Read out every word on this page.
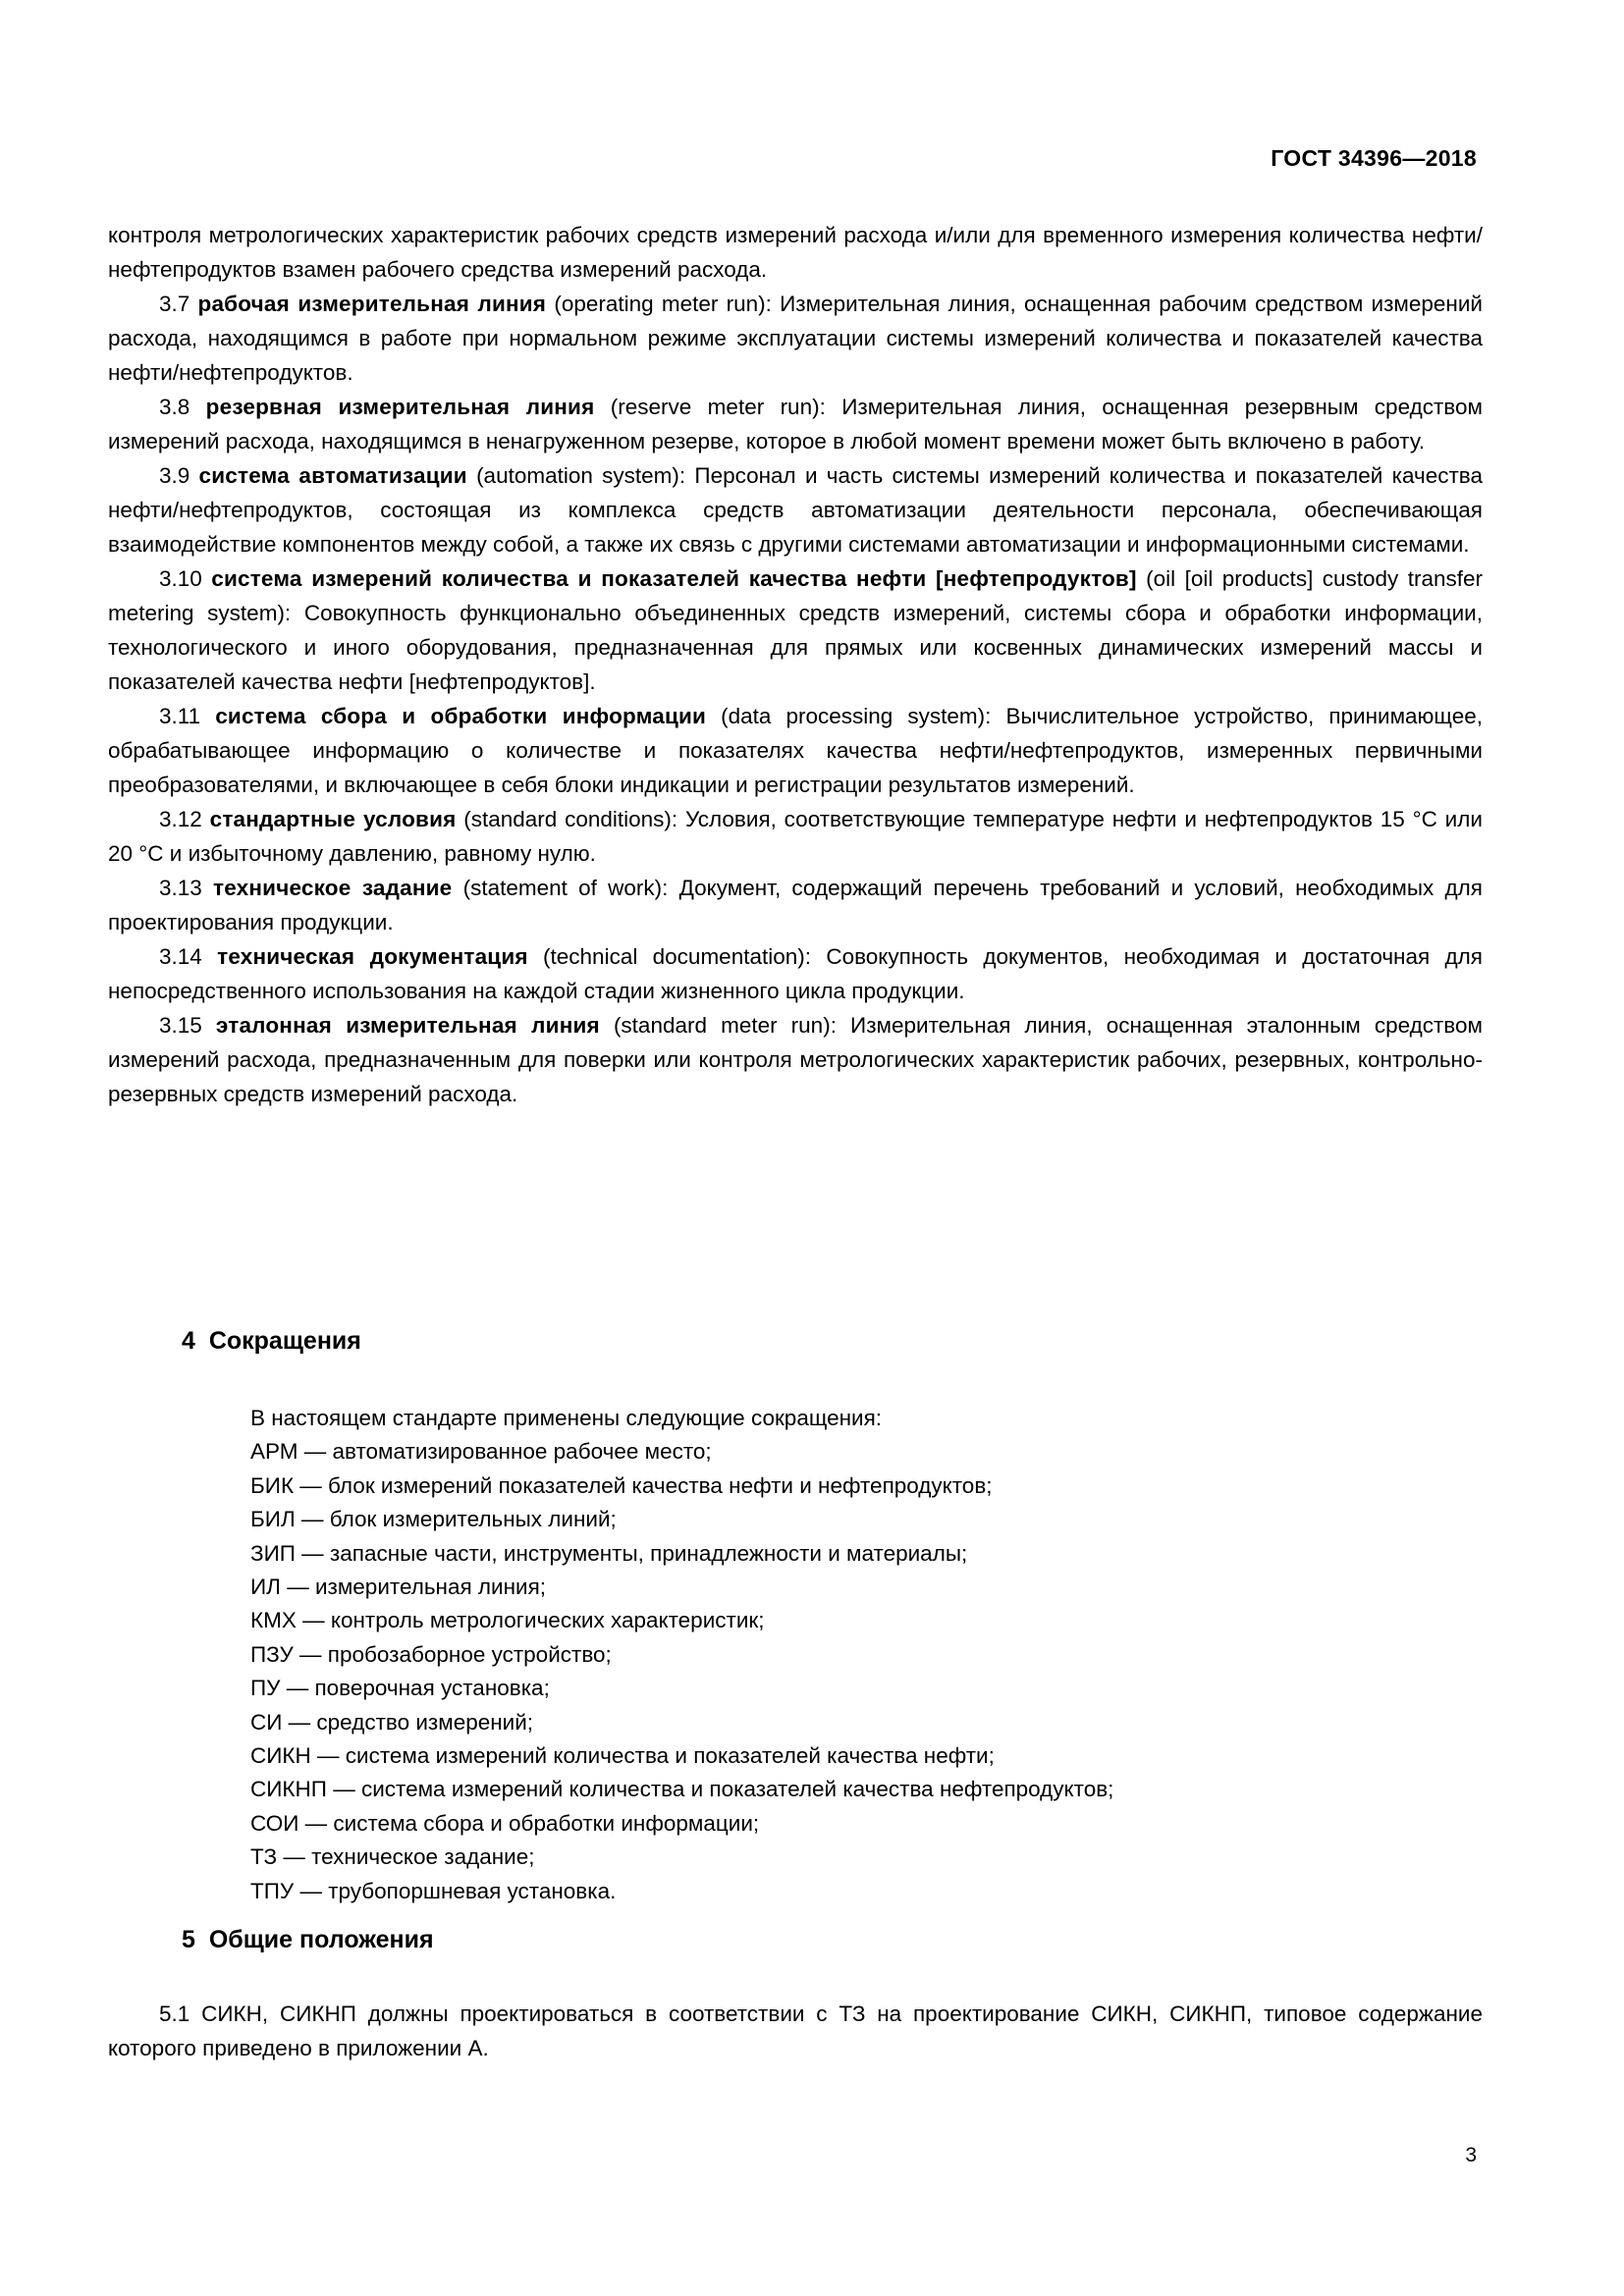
ГОСТ 34396—2018

контроля метрологических характеристик рабочих средств измерений расхода и/или для временного измерения количества нефти/нефтепродуктов взамен рабочего средства измерений расхода.

3.7 рабочая измерительная линия (operating meter run): Измерительная линия, оснащенная рабочим средством измерений расхода, находящимся в работе при нормальном режиме эксплуатации системы измерений количества и показателей качества нефти/нефтепродуктов.

3.8 резервная измерительная линия (reserve meter run): Измерительная линия, оснащенная резервным средством измерений расхода, находящимся в ненагруженном резерве, которое в любой момент времени может быть включено в работу.

3.9 система автоматизации (automation system): Персонал и часть системы измерений количества и показателей качества нефти/нефтепродуктов, состоящая из комплекса средств автоматизации деятельности персонала, обеспечивающая взаимодействие компонентов между собой, а также их связь с другими системами автоматизации и информационными системами.

3.10 система измерений количества и показателей качества нефти [нефтепродуктов] (oil [oil products] custody transfer metering system): Совокупность функционально объединенных средств измерений, системы сбора и обработки информации, технологического и иного оборудования, предназначенная для прямых или косвенных динамических измерений массы и показателей качества нефти [нефтепродуктов].

3.11 система сбора и обработки информации (data processing system): Вычислительное устройство, принимающее, обрабатывающее информацию о количестве и показателях качества нефти/нефтепродуктов, измеренных первичными преобразователями, и включающее в себя блоки индикации и регистрации результатов измерений.

3.12 стандартные условия (standard conditions): Условия, соответствующие температуре нефти и нефтепродуктов 15 °С или 20 °С и избыточному давлению, равному нулю.

3.13 техническое задание (statement of work): Документ, содержащий перечень требований и условий, необходимых для проектирования продукции.

3.14 техническая документация (technical documentation): Совокупность документов, необходимая и достаточная для непосредственного использования на каждой стадии жизненного цикла продукции.

3.15 эталонная измерительная линия (standard meter run): Измерительная линия, оснащенная эталонным средством измерений расхода, предназначенным для поверки или контроля метрологических характеристик рабочих, резервных, контрольно-резервных средств измерений расхода.

4 Сокращения
В настоящем стандарте применены следующие сокращения:
АРМ — автоматизированное рабочее место;
БИК — блок измерений показателей качества нефти и нефтепродуктов;
БИЛ — блок измерительных линий;
ЗИП — запасные части, инструменты, принадлежности и материалы;
ИЛ — измерительная линия;
КМХ — контроль метрологических характеристик;
ПЗУ — пробозаборное устройство;
ПУ — поверочная установка;
СИ — средство измерений;
СИКН — система измерений количества и показателей качества нефти;
СИКНП — система измерений количества и показателей качества нефтепродуктов;
СОИ — система сбора и обработки информации;
ТЗ — техническое задание;
ТПУ — трубопоршневая установка.
5 Общие положения

5.1 СИКН, СИКНП должны проектироваться в соответствии с ТЗ на проектирование СИКН, СИКНП, типовое содержание которого приведено в приложении А.

3
